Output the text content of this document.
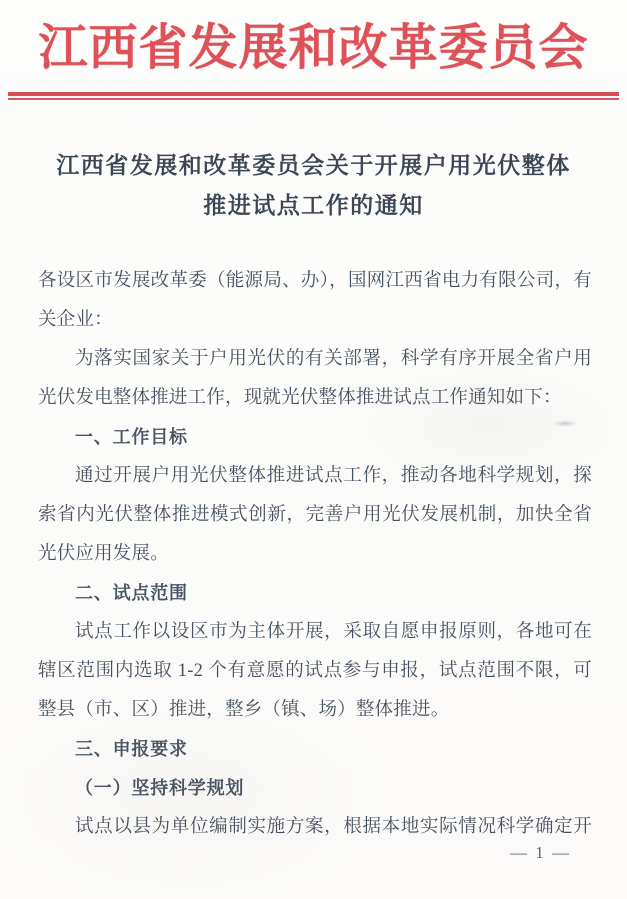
江西省发展和改革委员会
江西省发展和改革委员会关于开展户用光伏整体
推进试点工作的通知
各设区市发展改革委（能源局、办），国网江西省电力有限公司，有
关企业：
为落实国家关于户用光伏的有关部署，科学有序开展全省户用
光伏发电整体推进工作，现就光伏整体推进试点工作通知如下：
一、工作目标
通过开展户用光伏整体推进试点工作，推动各地科学规划，探
索省内光伏整体推进模式创新，完善户用光伏发展机制，加快全省
光伏应用发展。
二、试点范围
试点工作以设区市为主体开展，采取自愿申报原则，各地可在
辖区范围内选取 1-2 个有意愿的试点参与申报，试点范围不限，可
整县（市、区）推进，整乡（镇、场）整体推进。
三、申报要求
（一）坚持科学规划
试点以县为单位编制实施方案，根据本地实际情况科学确定开
— 1 —
